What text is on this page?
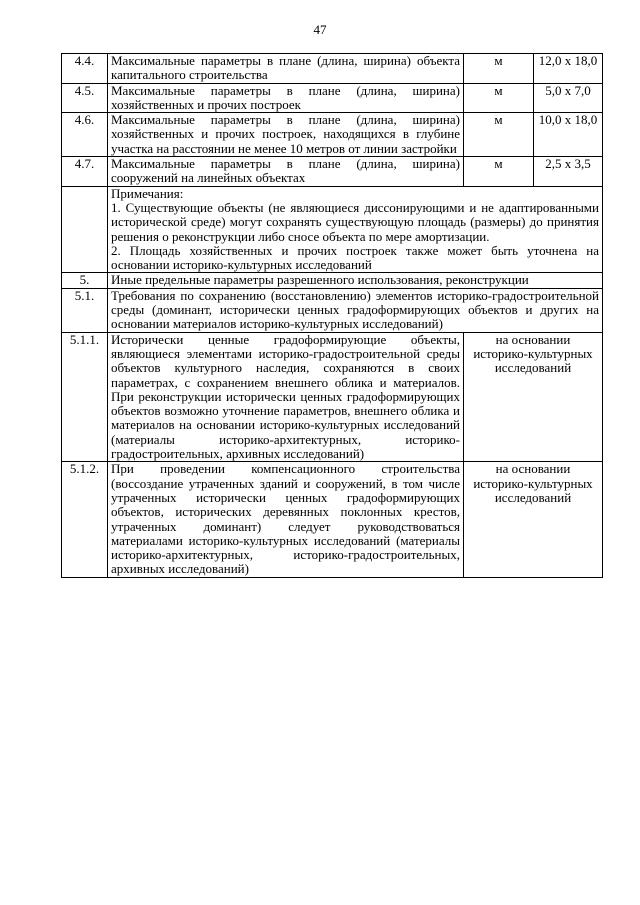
47
4.4.	Максимальные параметры в плане (длина, ширина) объекта капитального строительства	м	12,0 х 18,0
4.5.	Максимальные параметры в плане (длина, ширина) хозяйственных и прочих построек	м	5,0 х 7,0
4.6.	Максимальные параметры в плане (длина, ширина) хозяйственных и прочих построек, находящихся в глубине участка на расстоянии не менее 10 метров от линии застройки	м	10,0 х 18,0
4.7.	Максимальные параметры в плане (длина, ширина) сооружений на линейных объектах	м	2,5 х 3,5

	Примечания:
1. Существующие объекты (не являющиеся диссонирующими и не адаптированными исторической среде) могут сохранять существующую площадь (размеры) до принятия решения о реконструкции либо сносе объекта по мере амортизации.
2. Площадь хозяйственных и прочих построек также может быть уточнена на основании историко-культурных исследований		

5.	Иные предельные параметры разрешенного использования, реконструкции		
5.1.	Требования по сохранению (восстановлению) элементов историко-градостроительной среды (доминант, исторически ценных градоформирующих объектов и других на основании материалов историко-культурных исследований)		
5.1.1.	Исторически ценные градоформирующие объекты, являющиеся элементами историко-градостроительной среды объектов культурного наследия, сохраняются в своих параметрах, с сохранением внешнего облика и материалов. При реконструкции исторически ценных градоформирующих объектов возможно уточнение параметров, внешнего облика и материалов на основании историко-культурных исследований (материалы историко-архитектурных, историко-градостроительных, архивных исследований)	на основании историко-культурных исследований	
5.1.2.	При проведении компенсационного строительства (воссоздание утраченных зданий и сооружений, в том числе утраченных исторически ценных градоформирующих объектов, исторических деревянных поклонных крестов, утраченных доминант) следует руководствоваться материалами историко-культурных исследований (материалы историко-архитектурных, историко-градостроительных, архивных исследований)	на основании историко-культурных исследований	
